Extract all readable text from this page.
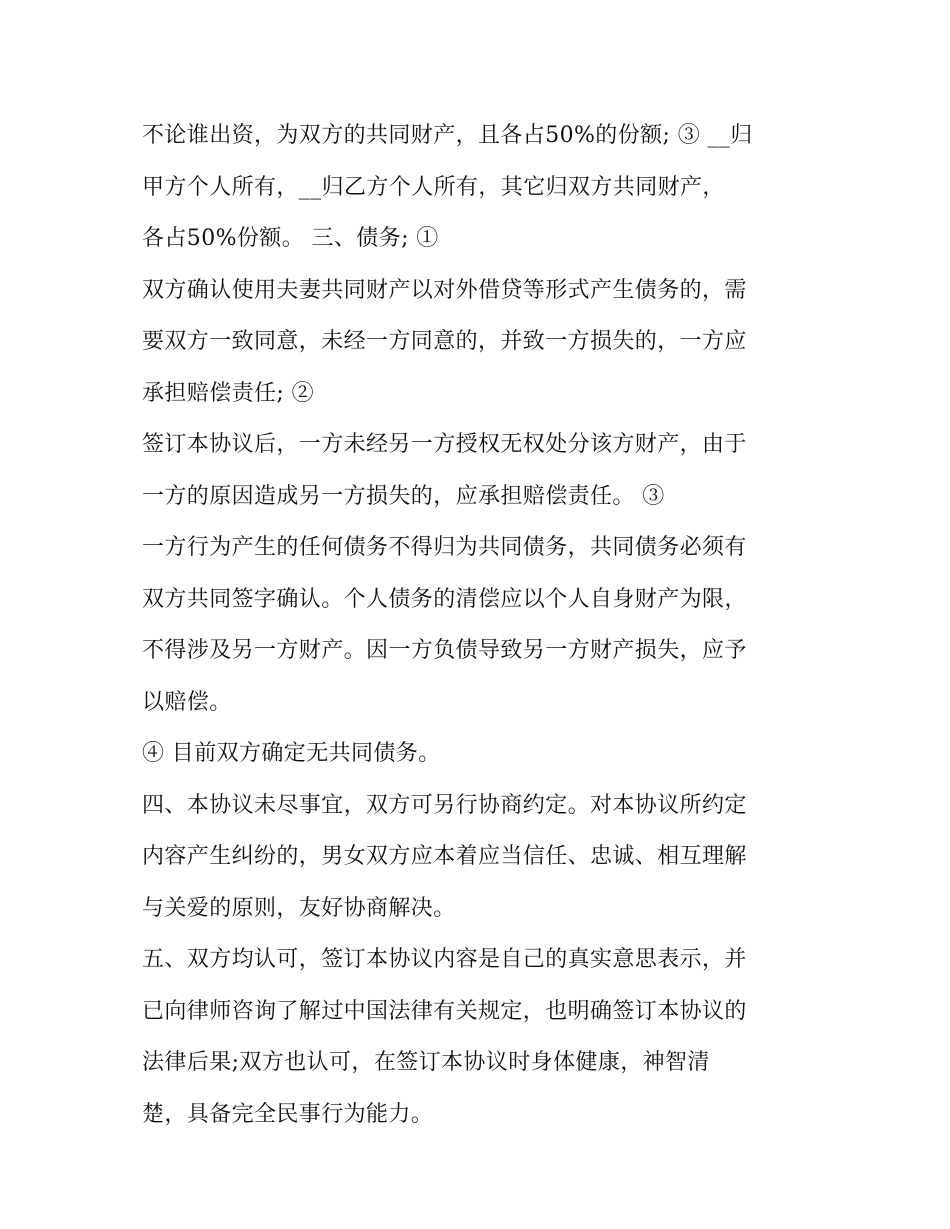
不论谁出资，为双方的共同财产，且各占50%的份额; ③ __归
甲方个人所有，__归乙方个人所有，其它归双方共同财产，
各占50%份额。 三、债务; ①
双方确认使用夫妻共同财产以对外借贷等形式产生债务的，需
要双方一致同意，未经一方同意的，并致一方损失的，一方应
承担赔偿责任; ②
签订本协议后，一方未经另一方授权无权处分该方财产，由于
一方的原因造成另一方损失的，应承担赔偿责任。 ③
一方行为产生的任何债务不得归为共同债务，共同债务必须有
双方共同签字确认。个人债务的清偿应以个人自身财产为限，
不得涉及另一方财产。因一方负债导致另一方财产损失，应予
以赔偿。
④ 目前双方确定无共同债务。
四、本协议未尽事宜，双方可另行协商约定。对本协议所约定
内容产生纠纷的，男女双方应本着应当信任、忠诚、相互理解
与关爱的原则，友好协商解决。
五、双方均认可，签订本协议内容是自己的真实意思表示，并
已向律师咨询了解过中国法律有关规定，也明确签订本协议的
法律后果;双方也认可，在签订本协议时身体健康，神智清
楚，具备完全民事行为能力。
